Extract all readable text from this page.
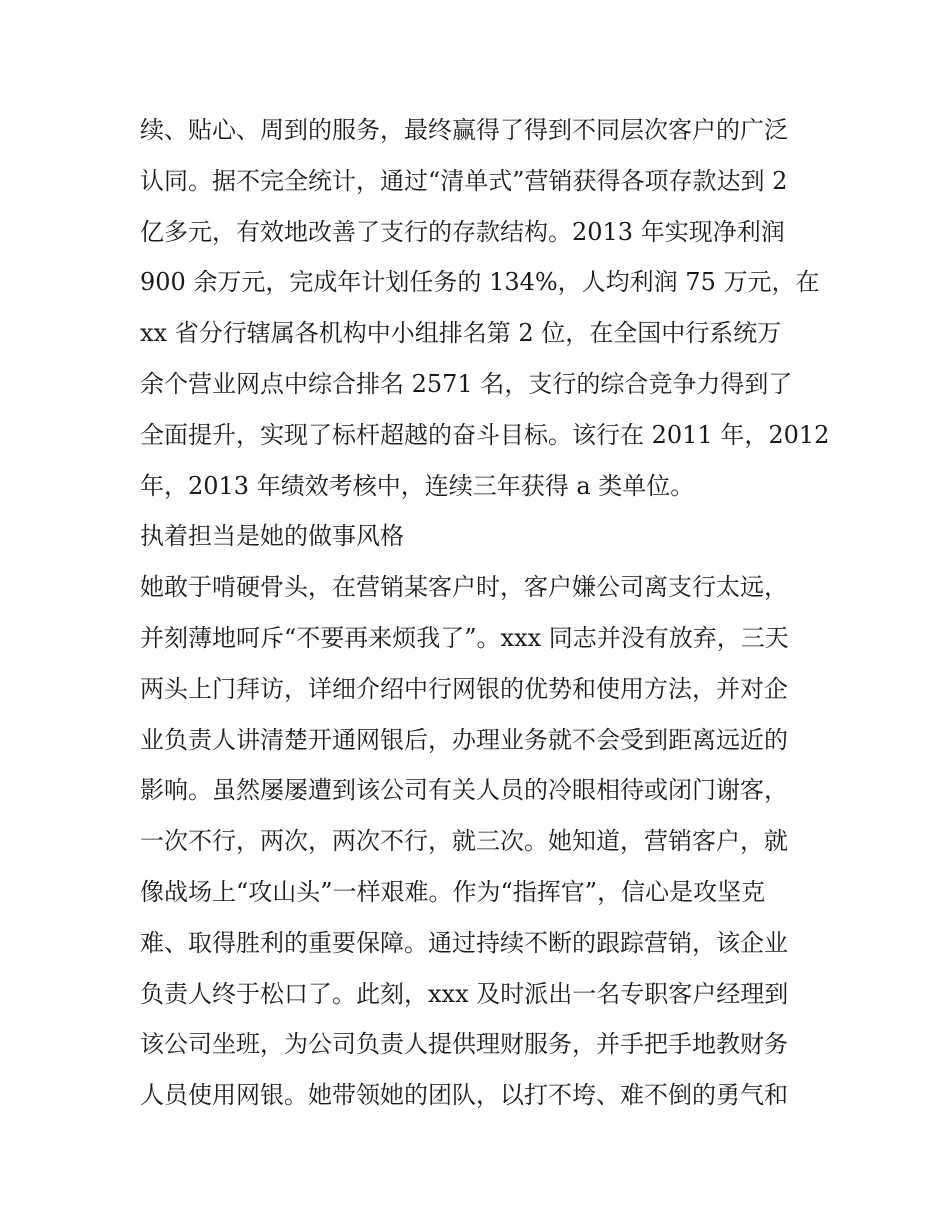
续、贴心、周到的服务，最终赢得了得到不同层次客户的广泛
认同。据不完全统计，通过“清单式”营销获得各项存款达到 2
亿多元，有效地改善了支行的存款结构。2013 年实现净利润
900 余万元，完成年计划任务的 134%，人均利润 75 万元，在
xx 省分行辖属各机构中小组排名第 2 位，在全国中行系统万
余个营业网点中综合排名 2571 名，支行的综合竞争力得到了
全面提升，实现了标杆超越的奋斗目标。该行在 2011 年，2012
年，2013 年绩效考核中，连续三年获得 a 类单位。
执着担当是她的做事风格
她敢于啃硬骨头，在营销某客户时，客户嫌公司离支行太远，
并刻薄地呵斥“不要再来烦我了”。xxx 同志并没有放弃，三天
两头上门拜访，详细介绍中行网银的优势和使用方法，并对企
业负责人讲清楚开通网银后，办理业务就不会受到距离远近的
影响。虽然屡屡遭到该公司有关人员的冷眼相待或闭门谢客，
一次不行，两次，两次不行，就三次。她知道，营销客户，就
像战场上“攻山头”一样艰难。作为“指挥官”，信心是攻坚克
难、取得胜利的重要保障。通过持续不断的跟踪营销，该企业
负责人终于松口了。此刻，xxx 及时派出一名专职客户经理到
该公司坐班，为公司负责人提供理财服务，并手把手地教财务
人员使用网银。她带领她的团队，以打不垮、难不倒的勇气和
